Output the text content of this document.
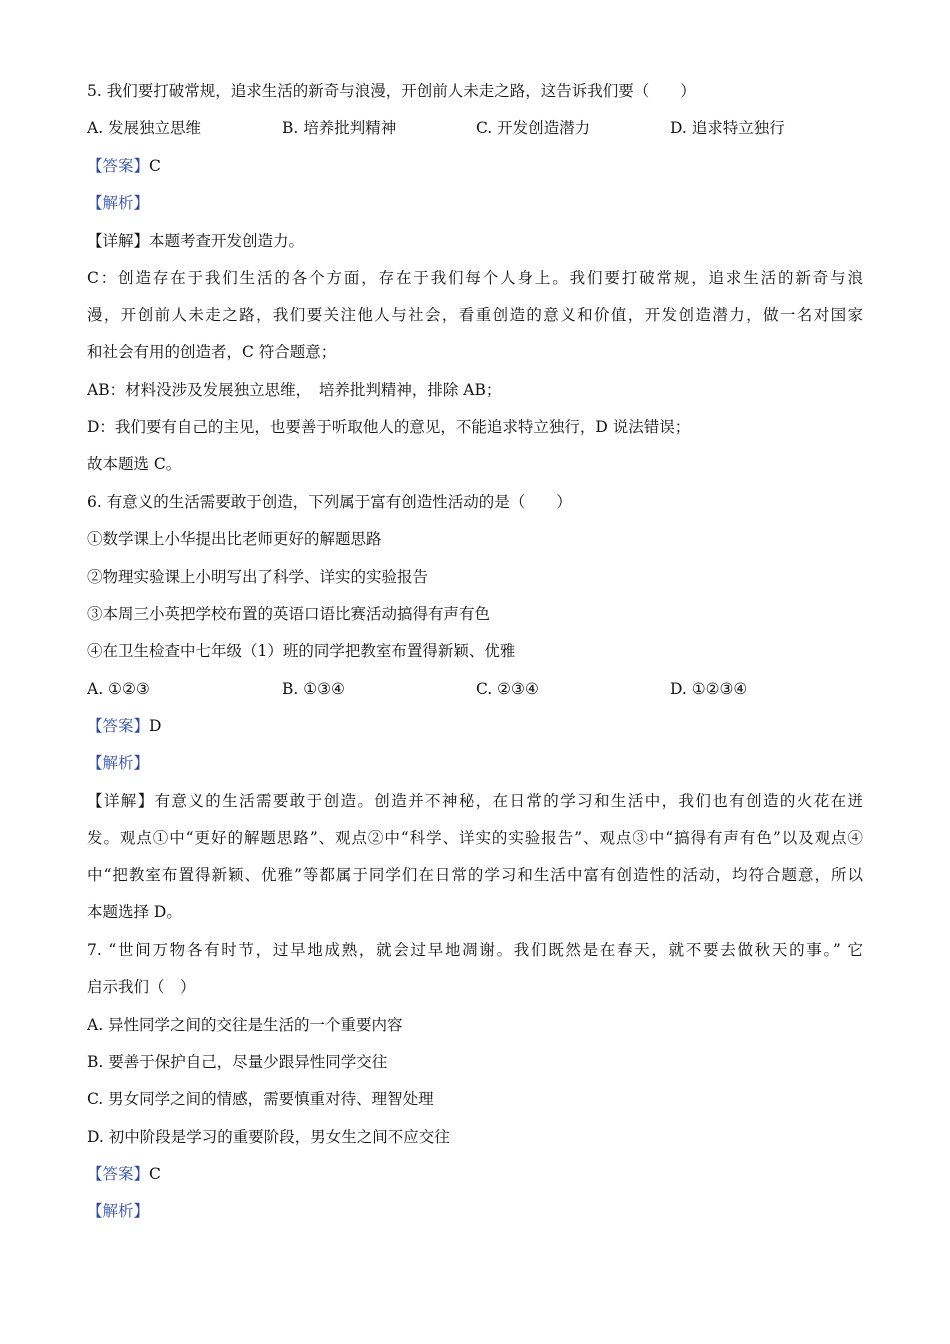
5. 我们要打破常规，追求生活的新奇与浪漫，开创前人未走之路，这告诉我们要（　　）
A. 发展独立思维	B. 培养批判精神	C. 开发创造潜力	D. 追求特立独行
【答案】C
【解析】
【详解】本题考查开发创造力。
C：创造存在于我们生活的各个方面，存在于我们每个人身上。我们要打破常规，追求生活的新奇与浪
漫，开创前人未走之路，我们要关注他人与社会，看重创造的意义和价值，开发创造潜力，做一名对国家
和社会有用的创造者，C 符合题意；
AB：材料没涉及发展独立思维，　培养批判精神，排除 AB；
D：我们要有自己的主见，也要善于听取他人的意见，不能追求特立独行，D 说法错误；
故本题选 C。
6. 有意义的生活需要敢于创造，下列属于富有创造性活动的是（　　）
①数学课上小华提出比老师更好的解题思路
②物理实验课上小明写出了科学、详实的实验报告
③本周三小英把学校布置的英语口语比赛活动搞得有声有色
④在卫生检查中七年级（1）班的同学把教室布置得新颖、优雅
A. ①②③	B. ①③④	C. ②③④	D. ①②③④
【答案】D
【解析】
【详解】有意义的生活需要敢于创造。创造并不神秘，在日常的学习和生活中，我们也有创造的火花在迸
发。观点①中“更好的解题思路”、观点②中“科学、详实的实验报告”、观点③中“搞得有声有色”以及观点④
中“把教室布置得新颖、优雅”等都属于同学们在日常的学习和生活中富有创造性的活动，均符合题意，所以
本题选择 D。
7. “世间万物各有时节，过早地成熟，就会过早地凋谢。我们既然是在春天，就不要去做秋天的事。” 它
启示我们（　）
A. 异性同学之间的交往是生活的一个重要内容
B. 要善于保护自己，尽量少跟异性同学交往
C. 男女同学之间的情感，需要慎重对待、理智处理
D. 初中阶段是学习的重要阶段，男女生之间不应交往
【答案】C
【解析】
